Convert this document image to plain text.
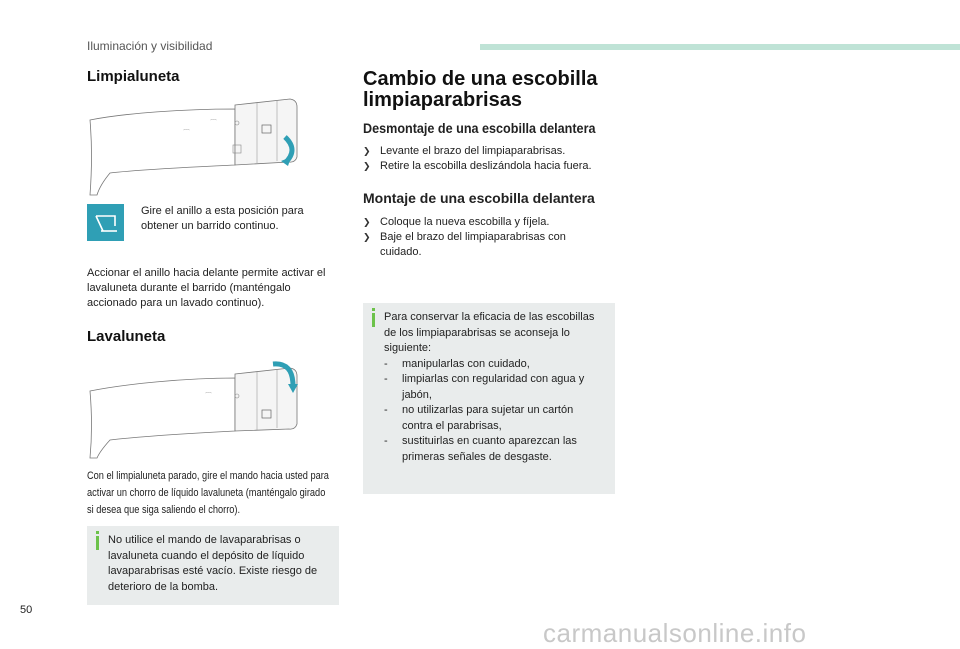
Iluminación y visibilidad
Limpialuneta
⌒
⌒
Gire el anillo a esta posición para obtener un barrido continuo.
Accionar el anillo hacia delante permite activar el lavaluneta durante el barrido (manténgalo accionado para un lavado continuo).
Lavaluneta
⌒
Con el limpialuneta parado, gire el mando hacia usted para activar un chorro de líquido lavaluneta (manténgalo girado si desea que siga saliendo el chorro).
No utilice el mando de lavaparabrisas o lavaluneta cuando el depósito de líquido lavaparabrisas esté vacío. Existe riesgo de deterioro de la bomba.
Cambio de una escobilla limpiaparabrisas
Desmontaje de una escobilla delantera
❯ Levante el brazo del limpiaparabrisas.
❯ Retire la escobilla deslizándola hacia fuera.
Montaje de una escobilla delantera
❯ Coloque la nueva escobilla y fíjela.
❯ Baje el brazo del limpiaparabrisas con cuidado.
Para conservar la eficacia de las escobillas de los limpiaparabrisas se aconseja lo siguiente:
-	manipularlas con cuidado,
-	limpiarlas con regularidad con agua y jabón,
-	no utilizarlas para sujetar un cartón contra el parabrisas,
-	sustituirlas en cuanto aparezcan las primeras señales de desgaste.
50
carmanualsonline.info
